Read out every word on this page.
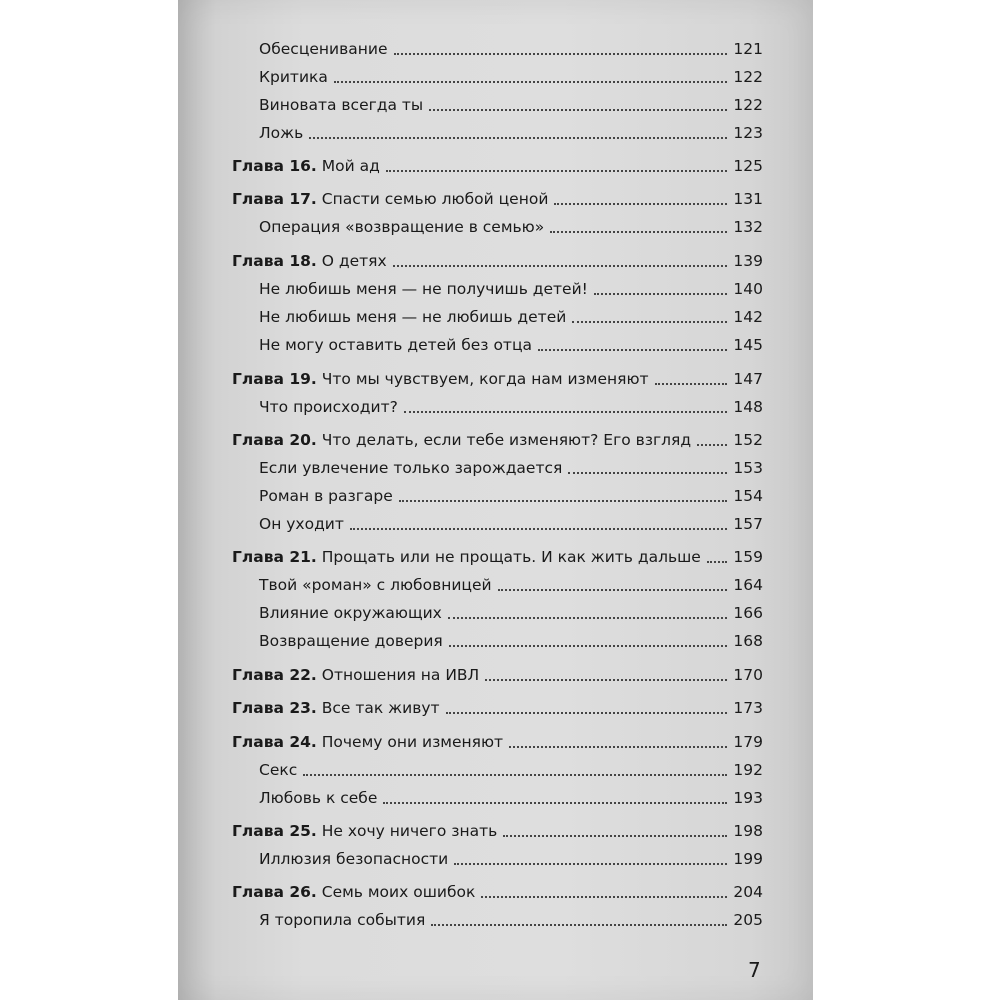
Обесценивание	121
Критика	122
Виновата всегда ты	122
Ложь	123
Глава 16. Мой ад	125
Глава 17. Спасти семью любой ценой	131
Операция «возвращение в семью»	132
Глава 18. О детях	139
Не любишь меня — не получишь детей!	140
Не любишь меня — не любишь детей	142
Не могу оставить детей без отца	145
Глава 19. Что мы чувствуем, когда нам изменяют	147
Что происходит?	148
Глава 20. Что делать, если тебе изменяют? Его взгляд	152
Если увлечение только зарождается	153
Роман в разгаре	154
Он уходит	157
Глава 21. Прощать или не прощать. И как жить дальше 159
Твой «роман» с любовницей	164
Влияние окружающих	166
Возвращение доверия	168
Глава 22. Отношения на ИВЛ	170
Глава 23. Все так живут	173
Глава 24. Почему они изменяют	179
Секс	192
Любовь к себе	193
Глава 25. Не хочу ничего знать	198
Иллюзия безопасности	199
Глава 26. Семь моих ошибок	204
Я торопила события	205
7
